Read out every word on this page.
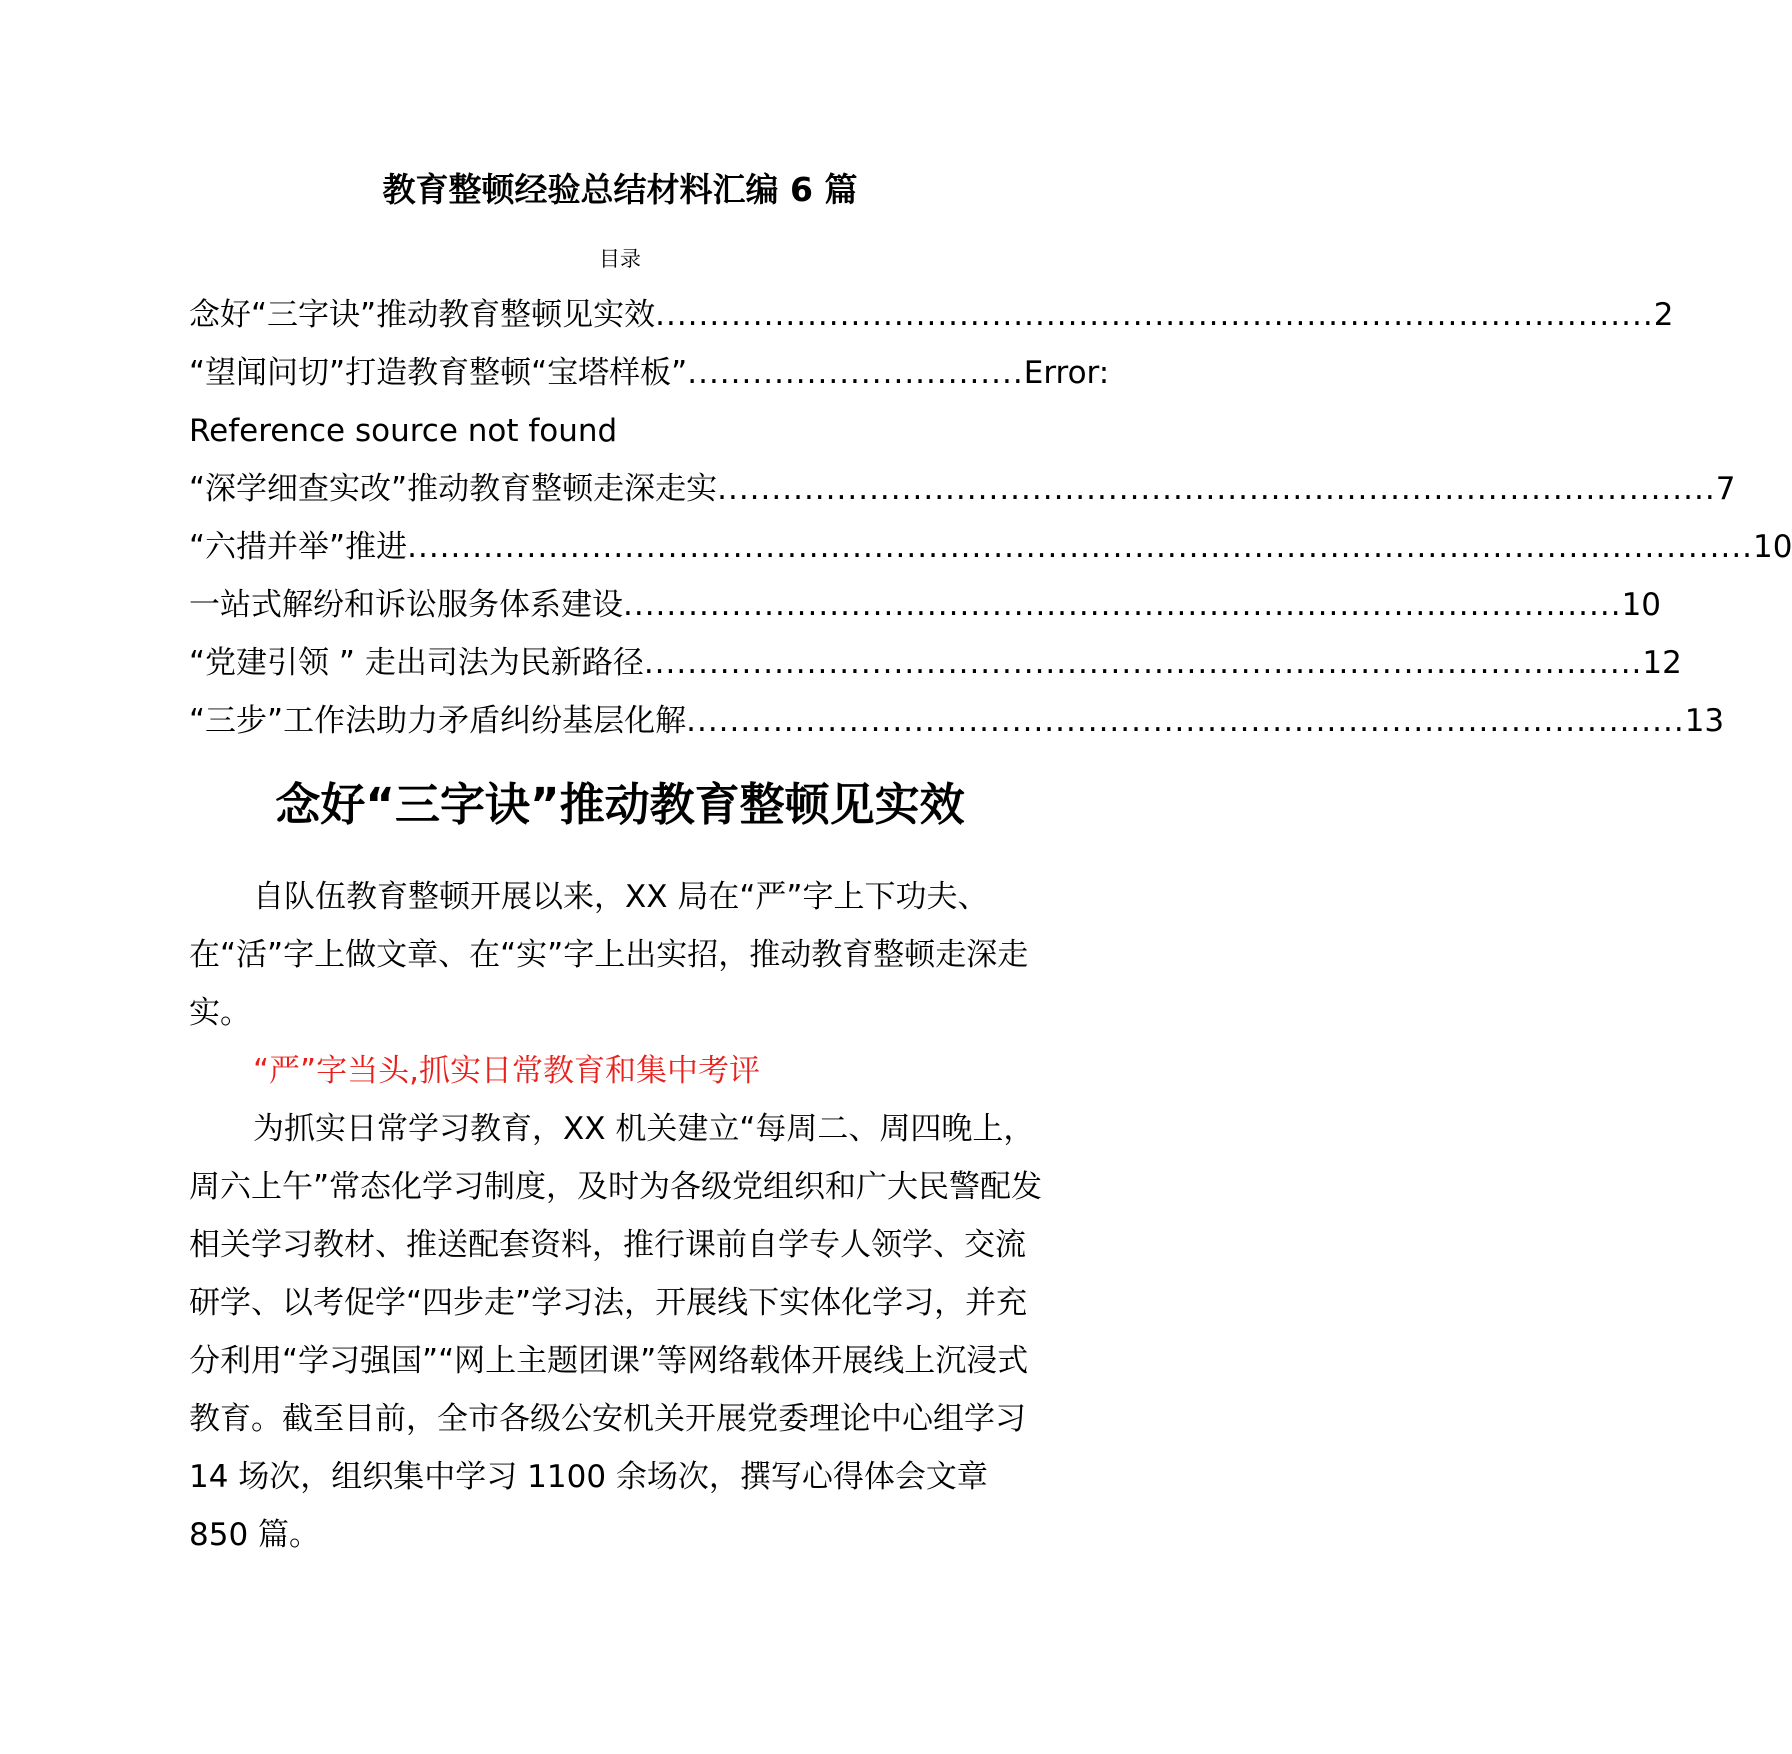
教育整顿经验总结材料汇编 6 篇
目录
念好“三字诀”推动教育整顿见实效 ............................................................................................ 2
“望闻问切”打造教育整顿“宝塔样板” ............................... Error:
Reference source not found
“深学细查实改”推动教育整顿走深走实 ............................................................................................ 7
“六措并举”推进 ............................................................................................................................ 10
一站式解纷和诉讼服务体系建设 ............................................................................................ 10
“党建引领 ” 走出司法为民新路径 ............................................................................................ 12
“三步”工作法助力矛盾纠纷基层化解 ............................................................................................ 13
念好“三字诀”推动教育整顿见实效

自队伍教育整顿开展以来，XX 局在“严”字上下功夫、在“活”字上做文章、在“实”字上出实招，推动教育整顿走深走实。

“严”字当头,抓实日常教育和集中考评

为抓实日常学习教育，XX 机关建立“每周二、周四晚上，周六上午”常态化学习制度，及时为各级党组织和广大民警配发相关学习教材、推送配套资料，推行课前自学专人领学、交流研学、以考促学“四步走”学习法，开展线下实体化学习，并充分利用“学习强国”“网上主题团课”等网络载体开展线上沉浸式教育。截至目前，全市各级公安机关开展党委理论中心组学习 14 场次，组织集中学习 1100 余场次，撰写心得体会文章 850 篇。
